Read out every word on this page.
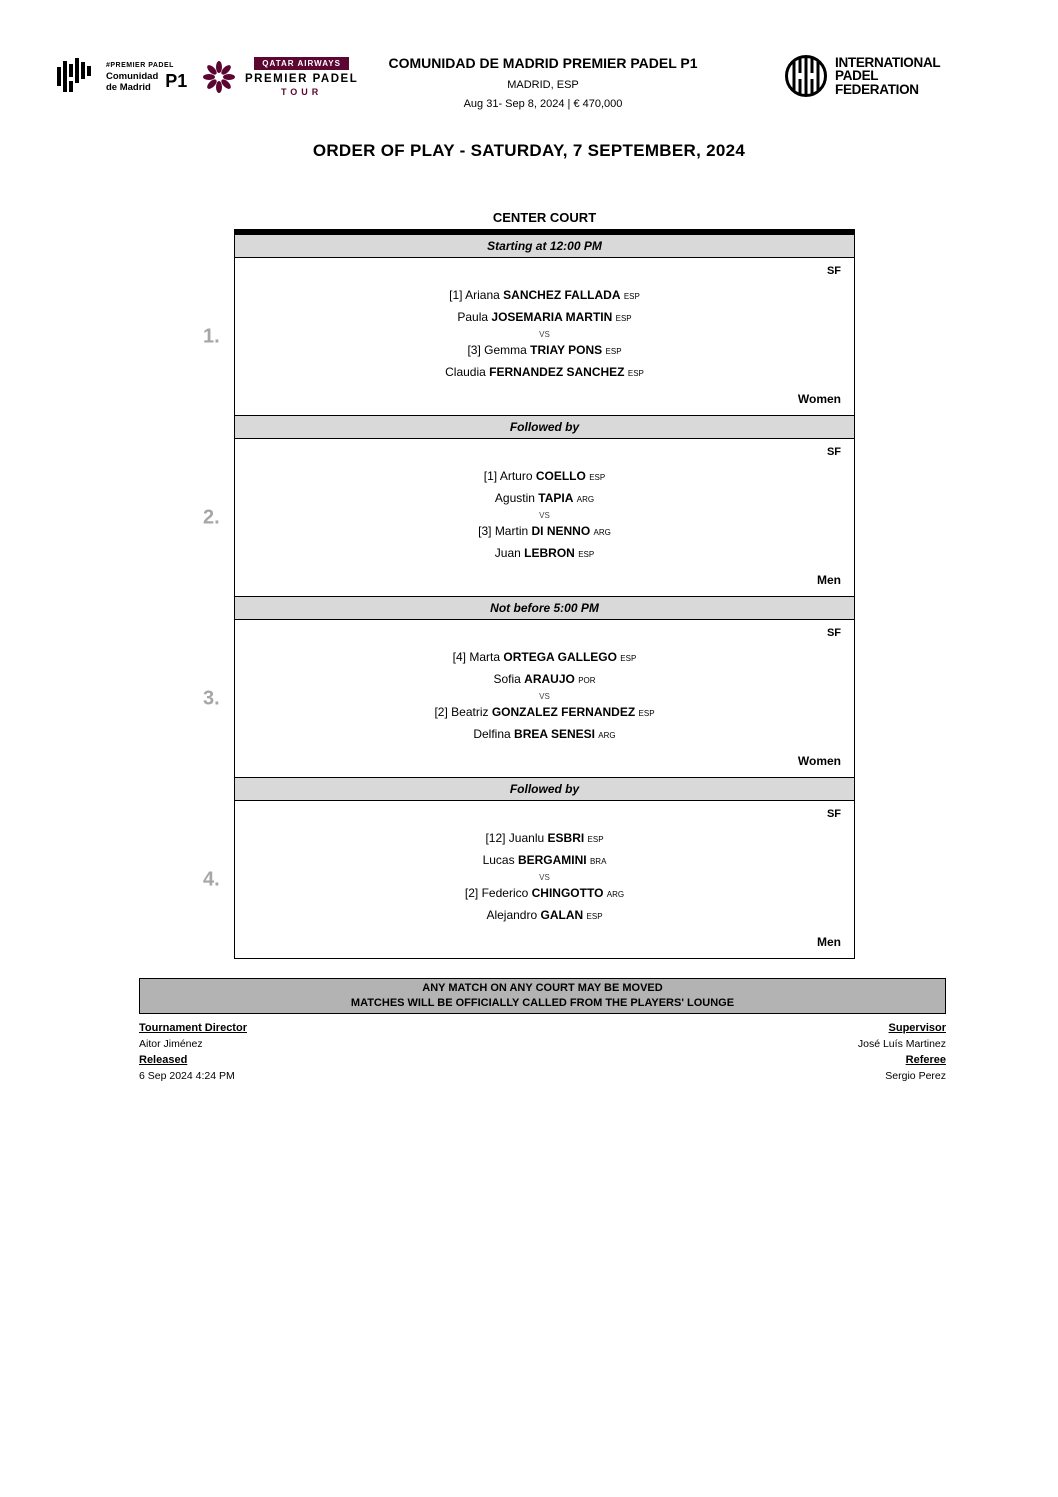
#PREMIER PADEL
Comunidad
de Madrid P1
QATAR AIRWAYS
PREMIER PADEL
TOUR
COMUNIDAD DE MADRID PREMIER PADEL P1
MADRID, ESP
Aug 31- Sep 8, 2024 | € 470,000
INTERNATIONAL
PADEL
FEDERATION
ORDER OF PLAY - SATURDAY, 7 SEPTEMBER, 2024
CENTER COURT
Starting at 12:00 PM
1.
SF
[1] Ariana SANCHEZ FALLADA ESP
Paula JOSEMARIA MARTIN ESP
VS
[3] Gemma TRIAY PONS ESP
Claudia FERNANDEZ SANCHEZ ESP
Women
Followed by
2.
SF
[1] Arturo COELLO ESP
Agustin TAPIA ARG
VS
[3] Martin DI NENNO ARG
Juan LEBRON ESP
Men
Not before 5:00 PM
3.
SF
[4] Marta ORTEGA GALLEGO ESP
Sofia ARAUJO POR
VS
[2] Beatriz GONZALEZ FERNANDEZ ESP
Delfina BREA SENESI ARG
Women
Followed by
4.
SF
[12] Juanlu ESBRI ESP
Lucas BERGAMINI BRA
VS
[2] Federico CHINGOTTO ARG
Alejandro GALAN ESP
Men
ANY MATCH ON ANY COURT MAY BE MOVED
MATCHES WILL BE OFFICIALLY CALLED FROM THE PLAYERS' LOUNGE
Tournament Director
Aitor Jiménez
Released
6 Sep 2024 4:24 PM
Supervisor
José Luís Martinez
Referee
Sergio Perez
